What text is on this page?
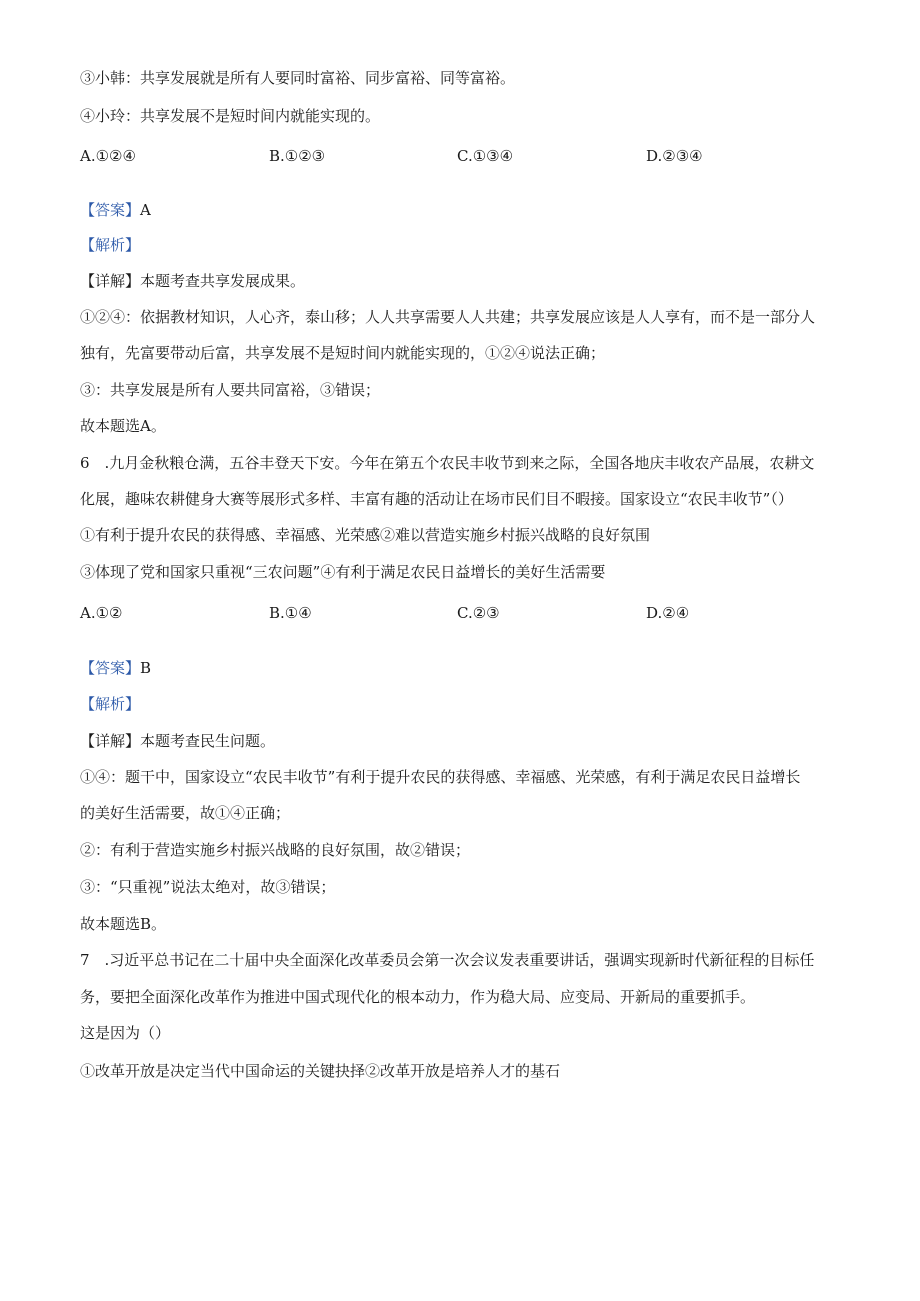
③小韩：共享发展就是所有人要同时富裕、同步富裕、同等富裕。
④小玲：共享发展不是短时间内就能实现的。
A.①②④	B.①②③	C.①③④	D.②③④
【答案】A
【解析】
【详解】本题考查共享发展成果。
①②④：依据教材知识，人心齐，泰山移；人人共享需要人人共建；共享发展应该是人人享有，而不是一部分人
独有，先富要带动后富，共享发展不是短时间内就能实现的，①②④说法正确；
③：共享发展是所有人要共同富裕，③错误；
故本题选A。
6　.九月金秋粮仓满，五谷丰登天下安。今年在第五个农民丰收节到来之际，全国各地庆丰收农产品展，农耕文
化展，趣味农耕健身大赛等展形式多样、丰富有趣的活动让在场市民们目不暇接。国家设立“农民丰收节”（）
①有利于提升农民的获得感、幸福感、光荣感②难以营造实施乡村振兴战略的良好氛围
③体现了党和国家只重视“三农问题”④有利于满足农民日益增长的美好生活需要
A.①②	B.①④	C.②③	D.②④
【答案】B
【解析】
【详解】本题考查民生问题。
①④：题干中，国家设立“农民丰收节”有利于提升农民的获得感、幸福感、光荣感，有利于满足农民日益增长
的美好生活需要，故①④正确；
②：有利于营造实施乡村振兴战略的良好氛围，故②错误；
③：“只重视”说法太绝对，故③错误；
故本题选B。
7　.习近平总书记在二十届中央全面深化改革委员会第一次会议发表重要讲话，强调实现新时代新征程的目标任
务，要把全面深化改革作为推进中国式现代化的根本动力，作为稳大局、应变局、开新局的重要抓手。
这是因为（）
①改革开放是决定当代中国命运的关键抉择②改革开放是培养人才的基石
